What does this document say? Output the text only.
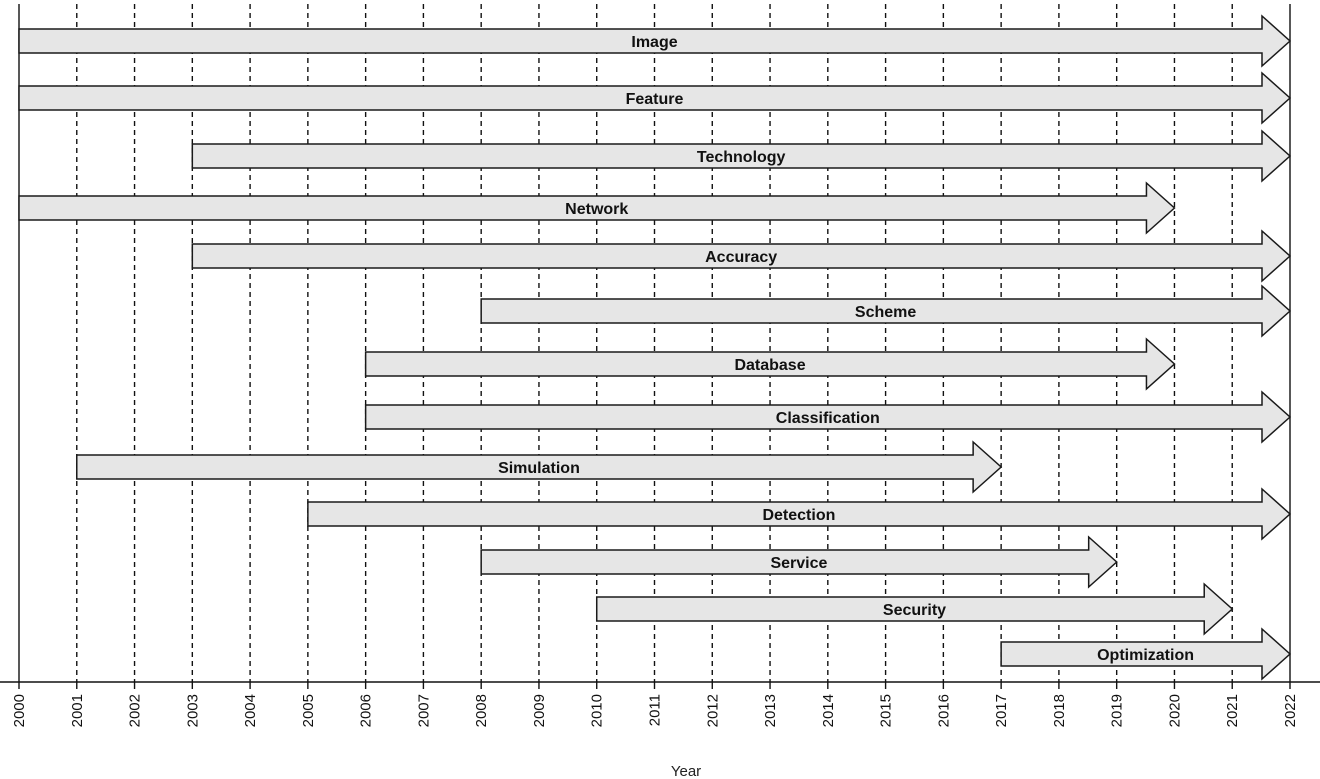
Image
Feature
Technology
Network
Accuracy
Scheme
Database
Classification
Simulation
Detection
Service
Security
Optimization
2000	2001	2002	2003	2004	2005	2006	2007	2008	2009	2010	2011	2012	2013	2014	2015	2016	2017	2018	2019	2020	2021	2022
Year
